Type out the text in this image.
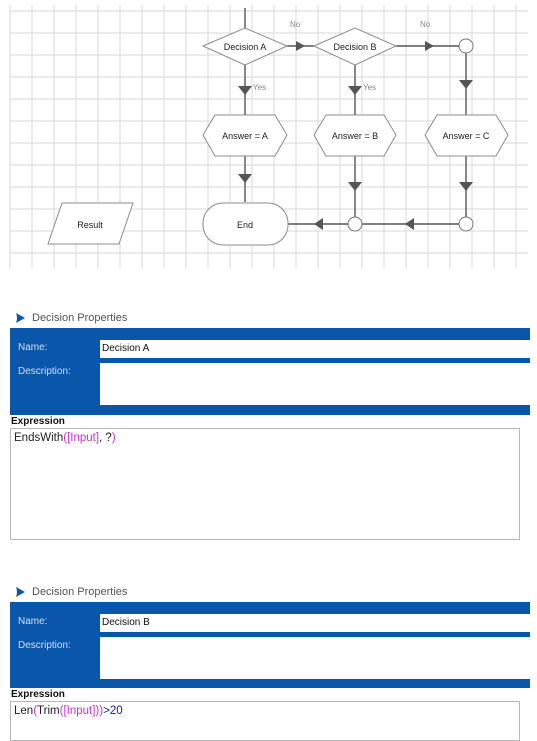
Decision A	Decision B
Answer = A	Answer = B	Answer = C
End
Result
No	No
Yes	Yes
Decision Properties
Name:	Decision A
Description:
Expression
EndsWith([Input], ?)
Decision Properties
Name:	Decision B
Description:
Expression
Len(Trim([Input]))>20
